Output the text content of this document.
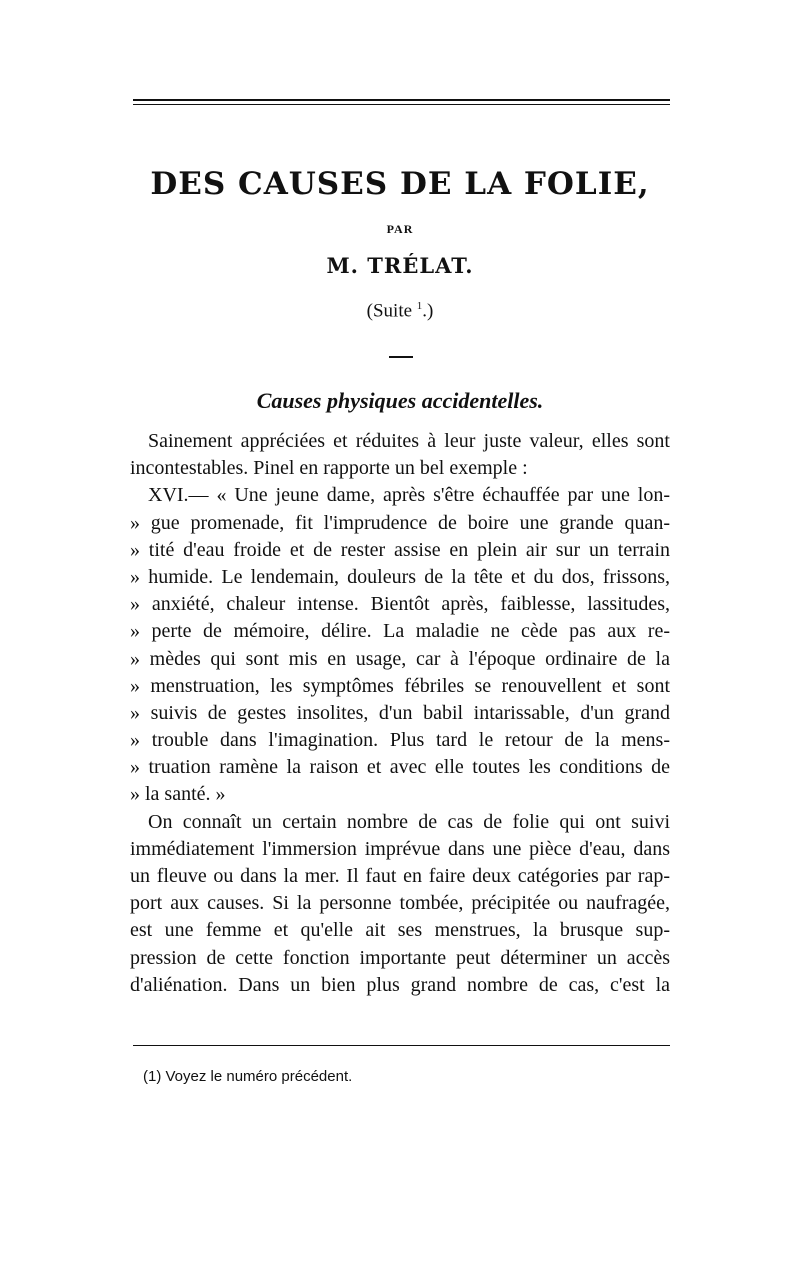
DES CAUSES DE LA FOLIE,

PAR

M. TRÉLAT.

(Suite $^1$.)

Causes physiques accidentelles.
Sainement appréciées et réduites à leur juste valeur, elles sont
incontestables. Pinel en rapporte un bel exemple :
XVI.— « Une jeune dame, après s'être échauffée par une lon-
» gue promenade, fit l'imprudence de boire une grande quan-
» tité d'eau froide et de rester assise en plein air sur un terrain
» humide. Le lendemain, douleurs de la tête et du dos, frissons,
» anxiété, chaleur intense. Bientôt après, faiblesse, lassitudes,
» perte de mémoire, délire. La maladie ne cède pas aux re-
» mèdes qui sont mis en usage, car à l'époque ordinaire de la
» menstruation, les symptômes fébriles se renouvellent et sont
» suivis de gestes insolites, d'un babil intarissable, d'un grand
» trouble dans l'imagination. Plus tard le retour de la mens-
» truation ramène la raison et avec elle toutes les conditions de
» la santé. »
On connaît un certain nombre de cas de folie qui ont suivi
immédiatement l'immersion imprévue dans une pièce d'eau, dans
un fleuve ou dans la mer. Il faut en faire deux catégories par rap-
port aux causes. Si la personne tombée, précipitée ou naufragée,
est une femme et qu'elle ait ses menstrues, la brusque sup-
pression de cette fonction importante peut déterminer un accès
d'aliénation. Dans un bien plus grand nombre de cas, c'est la

(1) Voyez le numéro précédent.
